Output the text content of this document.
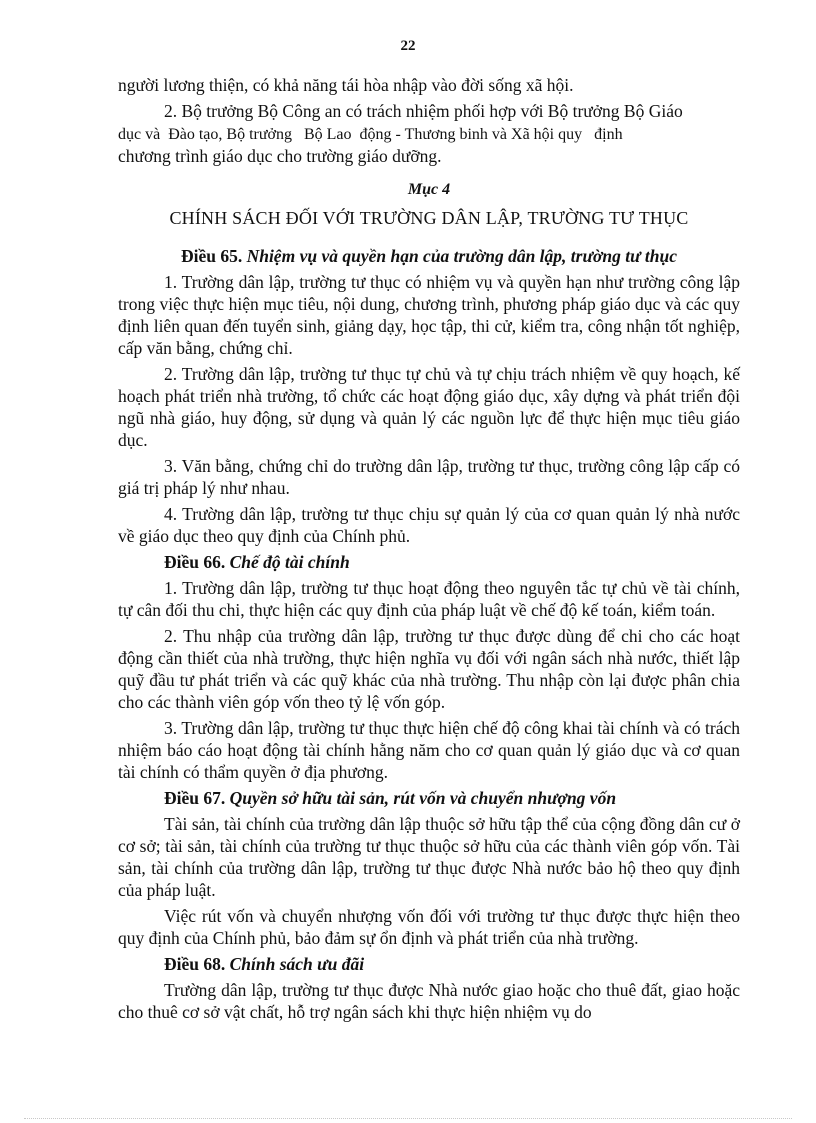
22

người lương thiện, có khả năng tái hòa nhập vào đời sống xã hội.

2. Bộ trưởng Bộ Công an có trách nhiệm phối hợp với Bộ trưởng Bộ Giáo
dục và  Đào tạo, Bộ trưởng   Bộ Lao  động - Thương binh và Xã hội quy   định
chương trình giáo dục cho trường giáo dưỡng.

Mục 4
CHÍNH SÁCH ĐỐI VỚI TRƯỜNG DÂN LẬP, TRƯỜNG TƯ THỤC
Điều 65. Nhiệm vụ và quyền hạn của trường dân lập, trường tư thục

1. Trường dân lập, trường tư thục có nhiệm vụ và quyền hạn như trường công lập trong việc thực hiện mục tiêu, nội dung, chương trình, phương pháp giáo dục và các quy định liên quan đến tuyển sinh, giảng dạy, học tập, thi cử, kiểm tra, công nhận tốt nghiệp, cấp văn bằng, chứng chỉ.

2. Trường dân lập, trường tư thục tự chủ và tự chịu trách nhiệm về quy hoạch, kế hoạch phát triển nhà trường, tổ chức các hoạt động giáo dục, xây dựng và phát triển đội ngũ nhà giáo, huy động, sử dụng và quản lý các nguồn lực để thực hiện mục tiêu giáo dục.

3. Văn bằng, chứng chỉ do trường dân lập, trường tư thục, trường công lập cấp có giá trị pháp lý như nhau.

4. Trường dân lập, trường tư thục chịu sự quản lý của cơ quan quản lý nhà nước về giáo dục theo quy định của Chính phủ.

Điều 66. Chế độ tài chính

1. Trường dân lập, trường tư thục hoạt động theo nguyên tắc tự chủ về tài chính, tự cân đối thu chi, thực hiện các quy định của pháp luật về chế độ kế toán, kiểm toán.

2. Thu nhập của trường dân lập, trường tư thục được dùng để chi cho các hoạt động cần thiết của nhà trường, thực hiện nghĩa vụ đối với ngân sách nhà nước, thiết lập quỹ đầu tư phát triển và các quỹ khác của nhà trường. Thu nhập còn lại được phân chia cho các thành viên góp vốn theo tỷ lệ vốn góp.

3. Trường dân lập, trường tư thục thực hiện chế độ công khai tài chính và có trách nhiệm báo cáo hoạt động tài chính hằng năm cho cơ quan quản lý giáo dục và cơ quan tài chính có thẩm quyền ở địa phương.

Điều 67. Quyền sở hữu tài sản, rút vốn và chuyển nhượng vốn

Tài sản, tài chính của trường dân lập thuộc sở hữu tập thể của cộng đồng dân cư ở cơ sở; tài sản, tài chính của trường tư thục thuộc sở hữu của các thành viên góp vốn. Tài sản, tài chính của trường dân lập, trường tư thục được Nhà nước bảo hộ theo quy định của pháp luật.

Việc rút vốn và chuyển nhượng vốn đối với trường tư thục được thực hiện theo quy định của Chính phủ, bảo đảm sự ổn định và phát triển của nhà trường.

Điều 68. Chính sách ưu đãi

Trường dân lập, trường tư thục được Nhà nước giao hoặc cho thuê đất, giao hoặc cho thuê cơ sở vật chất, hỗ trợ ngân sách khi thực hiện nhiệm vụ do
